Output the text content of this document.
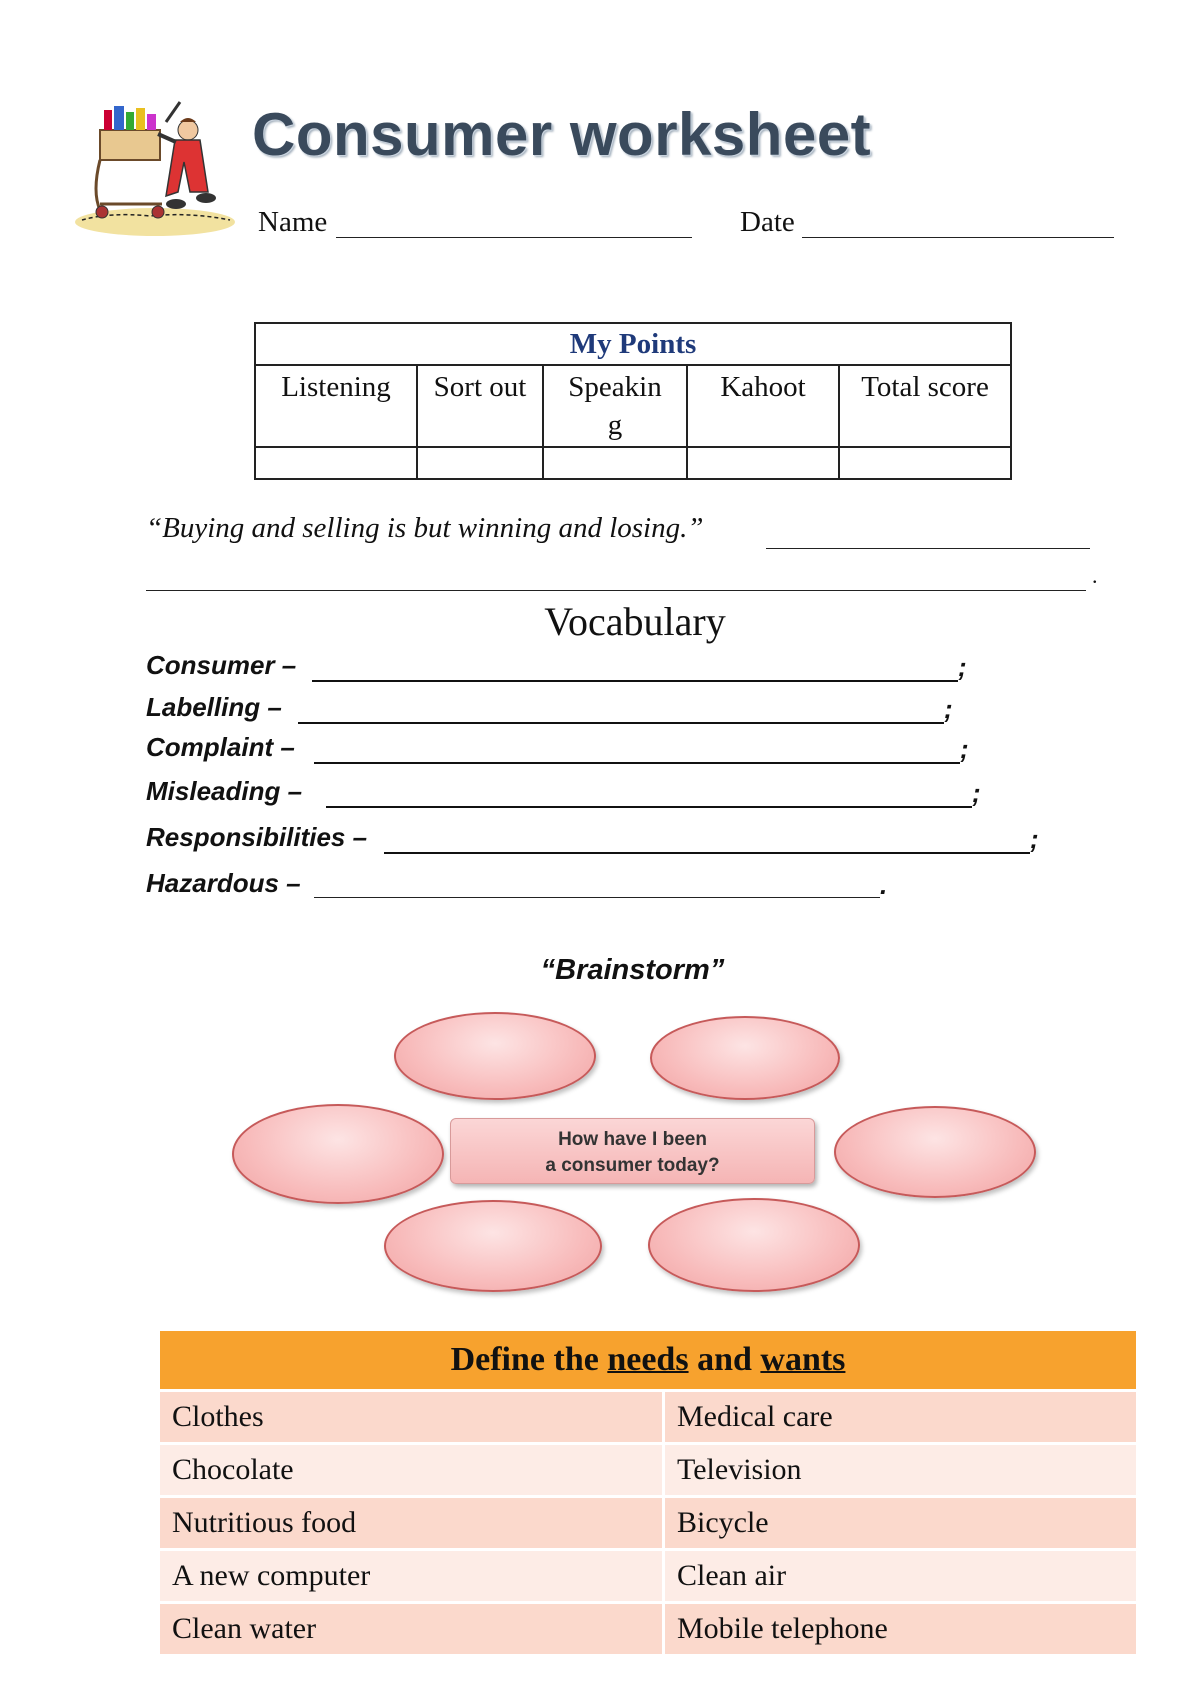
Consumer worksheet
Name	Date
My Points				
Listening	Sort out	Speakin g	Kahoot	Total score

“Buying and selling is but winning and losing.”
.
Vocabulary
Consumer –	;
Labelling –	;
Complaint –	;
Misleading –	;
Responsibilities –	;
Hazardous –	.
“Brainstorm”
How have I been
a consumer today?
Define the needs and wants	
Clothes	Medical care
Chocolate	Television
Nutritious food	Bicycle
A new computer	Clean air
Clean water	Mobile telephone
